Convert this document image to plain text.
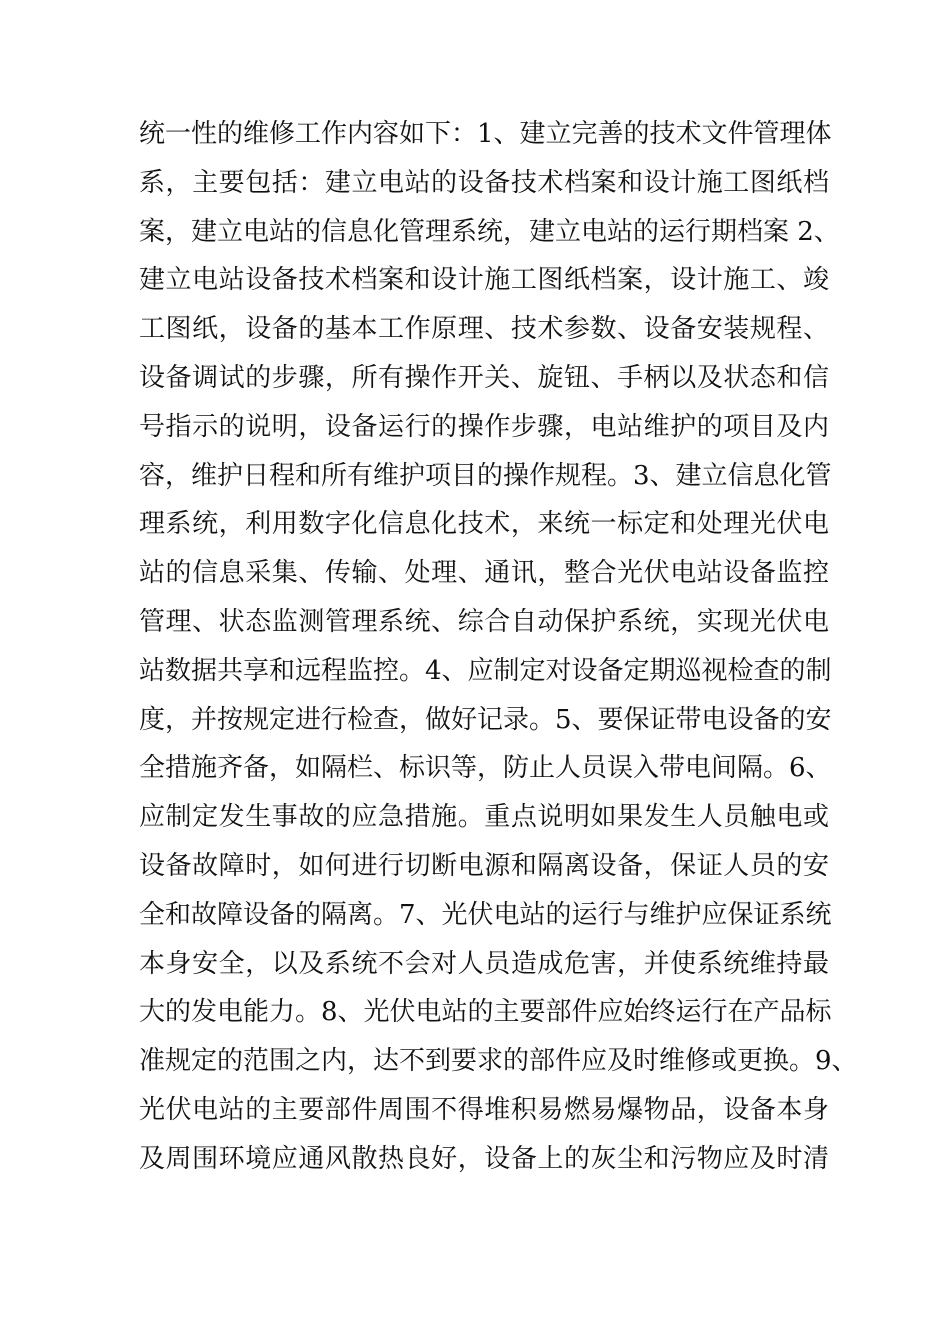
统一性的维修工作内容如下：1、建立完善的技术文件管理体
系，主要包括：建立电站的设备技术档案和设计施工图纸档
案，建立电站的信息化管理系统，建立电站的运行期档案 2、
建立电站设备技术档案和设计施工图纸档案，设计施工、竣
工图纸，设备的基本工作原理、技术参数、设备安装规程、
设备调试的步骤，所有操作开关、旋钮、手柄以及状态和信
号指示的说明，设备运行的操作步骤，电站维护的项目及内
容，维护日程和所有维护项目的操作规程。3、建立信息化管
理系统，利用数字化信息化技术，来统一标定和处理光伏电
站的信息采集、传输、处理、通讯，整合光伏电站设备监控
管理、状态监测管理系统、综合自动保护系统，实现光伏电
站数据共享和远程监控。4、应制定对设备定期巡视检查的制
度，并按规定进行检查，做好记录。5、要保证带电设备的安
全措施齐备，如隔栏、标识等，防止人员误入带电间隔。6、
应制定发生事故的应急措施。重点说明如果发生人员触电或
设备故障时，如何进行切断电源和隔离设备，保证人员的安
全和故障设备的隔离。7、光伏电站的运行与维护应保证系统
本身安全，以及系统不会对人员造成危害，并使系统维持最
大的发电能力。8、光伏电站的主要部件应始终运行在产品标
准规定的范围之内，达不到要求的部件应及时维修或更换。9、
光伏电站的主要部件周围不得堆积易燃易爆物品，设备本身
及周围环境应通风散热良好，设备上的灰尘和污物应及时清
